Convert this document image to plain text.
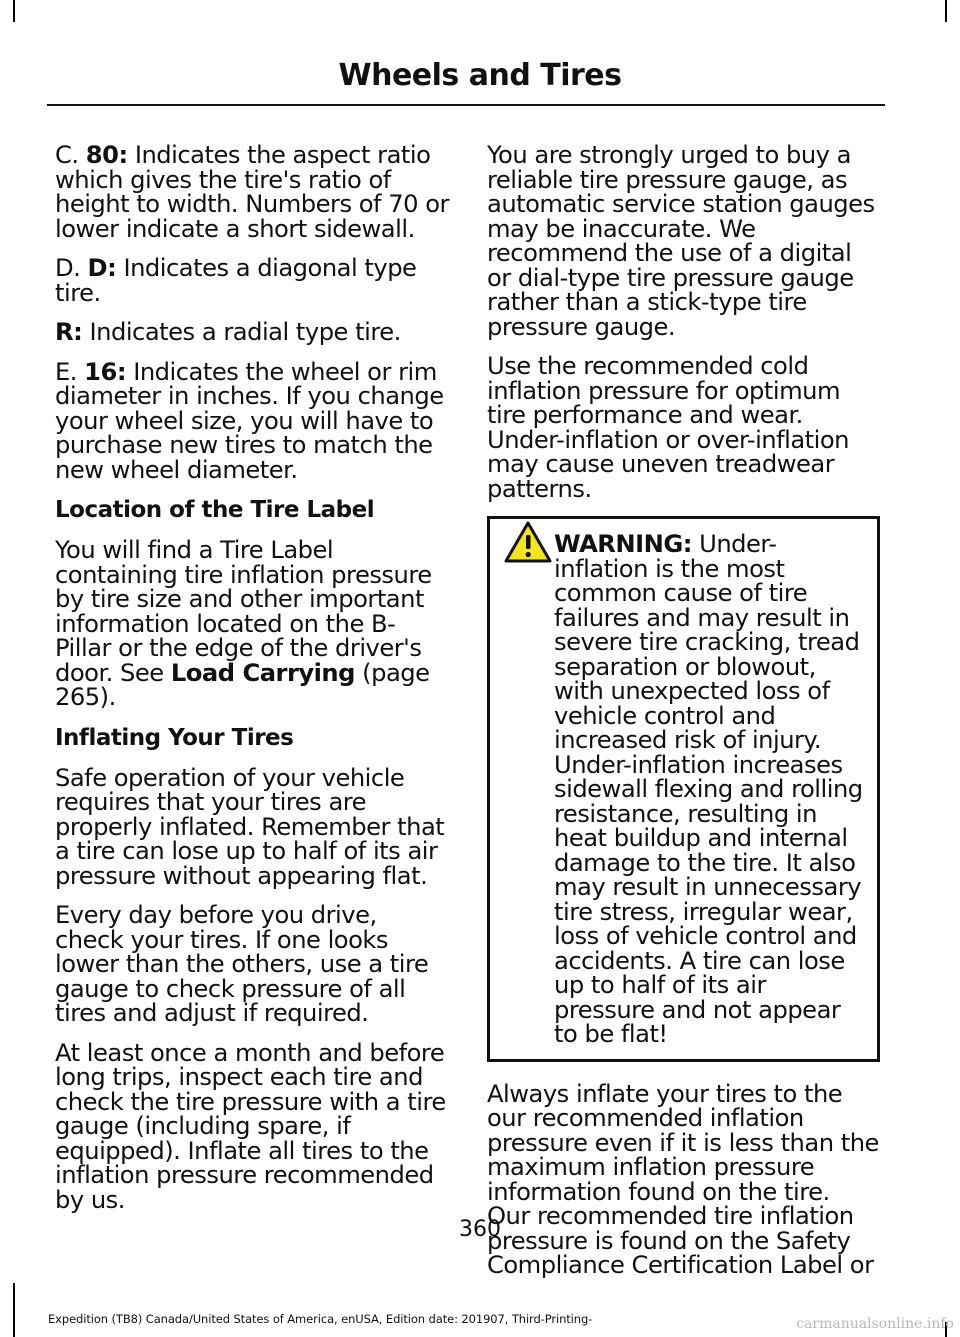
Wheels and Tires

C. 80: Indicates the aspect ratio which gives the tire's ratio of height to width. Numbers of 70 or lower indicate a short sidewall.

D. D: Indicates a diagonal type tire.

R: Indicates a radial type tire.

E. 16: Indicates the wheel or rim diameter in inches. If you change your wheel size, you will have to purchase new tires to match the new wheel diameter.

Location of the Tire Label

You will find a Tire Label containing tire inflation pressure by tire size and other important information located on the B-Pillar or the edge of the driver's door. See Load Carrying (page 265).

Inflating Your Tires

Safe operation of your vehicle requires that your tires are properly inflated. Remember that a tire can lose up to half of its air pressure without appearing flat.

Every day before you drive, check your tires. If one looks lower than the others, use a tire gauge to check pressure of all tires and adjust if required.

At least once a month and before long trips, inspect each tire and check the tire pressure with a tire gauge (including spare, if equipped). Inflate all tires to the inflation pressure recommended by us.

You are strongly urged to buy a reliable tire pressure gauge, as automatic service station gauges may be inaccurate. We recommend the use of a digital or dial-type tire pressure gauge rather than a stick-type tire pressure gauge.

Use the recommended cold inflation pressure for optimum tire performance and wear. Under-inflation or over-inflation may cause uneven treadwear patterns.

WARNING: Under-inflation is the most common cause of tire failures and may result in severe tire cracking, tread separation or blowout, with unexpected loss of vehicle control and increased risk of injury. Under-inflation increases sidewall flexing and rolling resistance, resulting in heat buildup and internal damage to the tire. It also may result in unnecessary tire stress, irregular wear, loss of vehicle control and accidents. A tire can lose up to half of its air pressure and not appear to be flat!

Always inflate your tires to the our recommended inflation pressure even if it is less than the maximum inflation pressure information found on the tire. Our recommended tire inflation pressure is found on the Safety Compliance Certification Label or

360
Expedition (TB8) Canada/United States of America, enUSA, Edition date: 201907, Third-Printing-	carmanualsonline.info
